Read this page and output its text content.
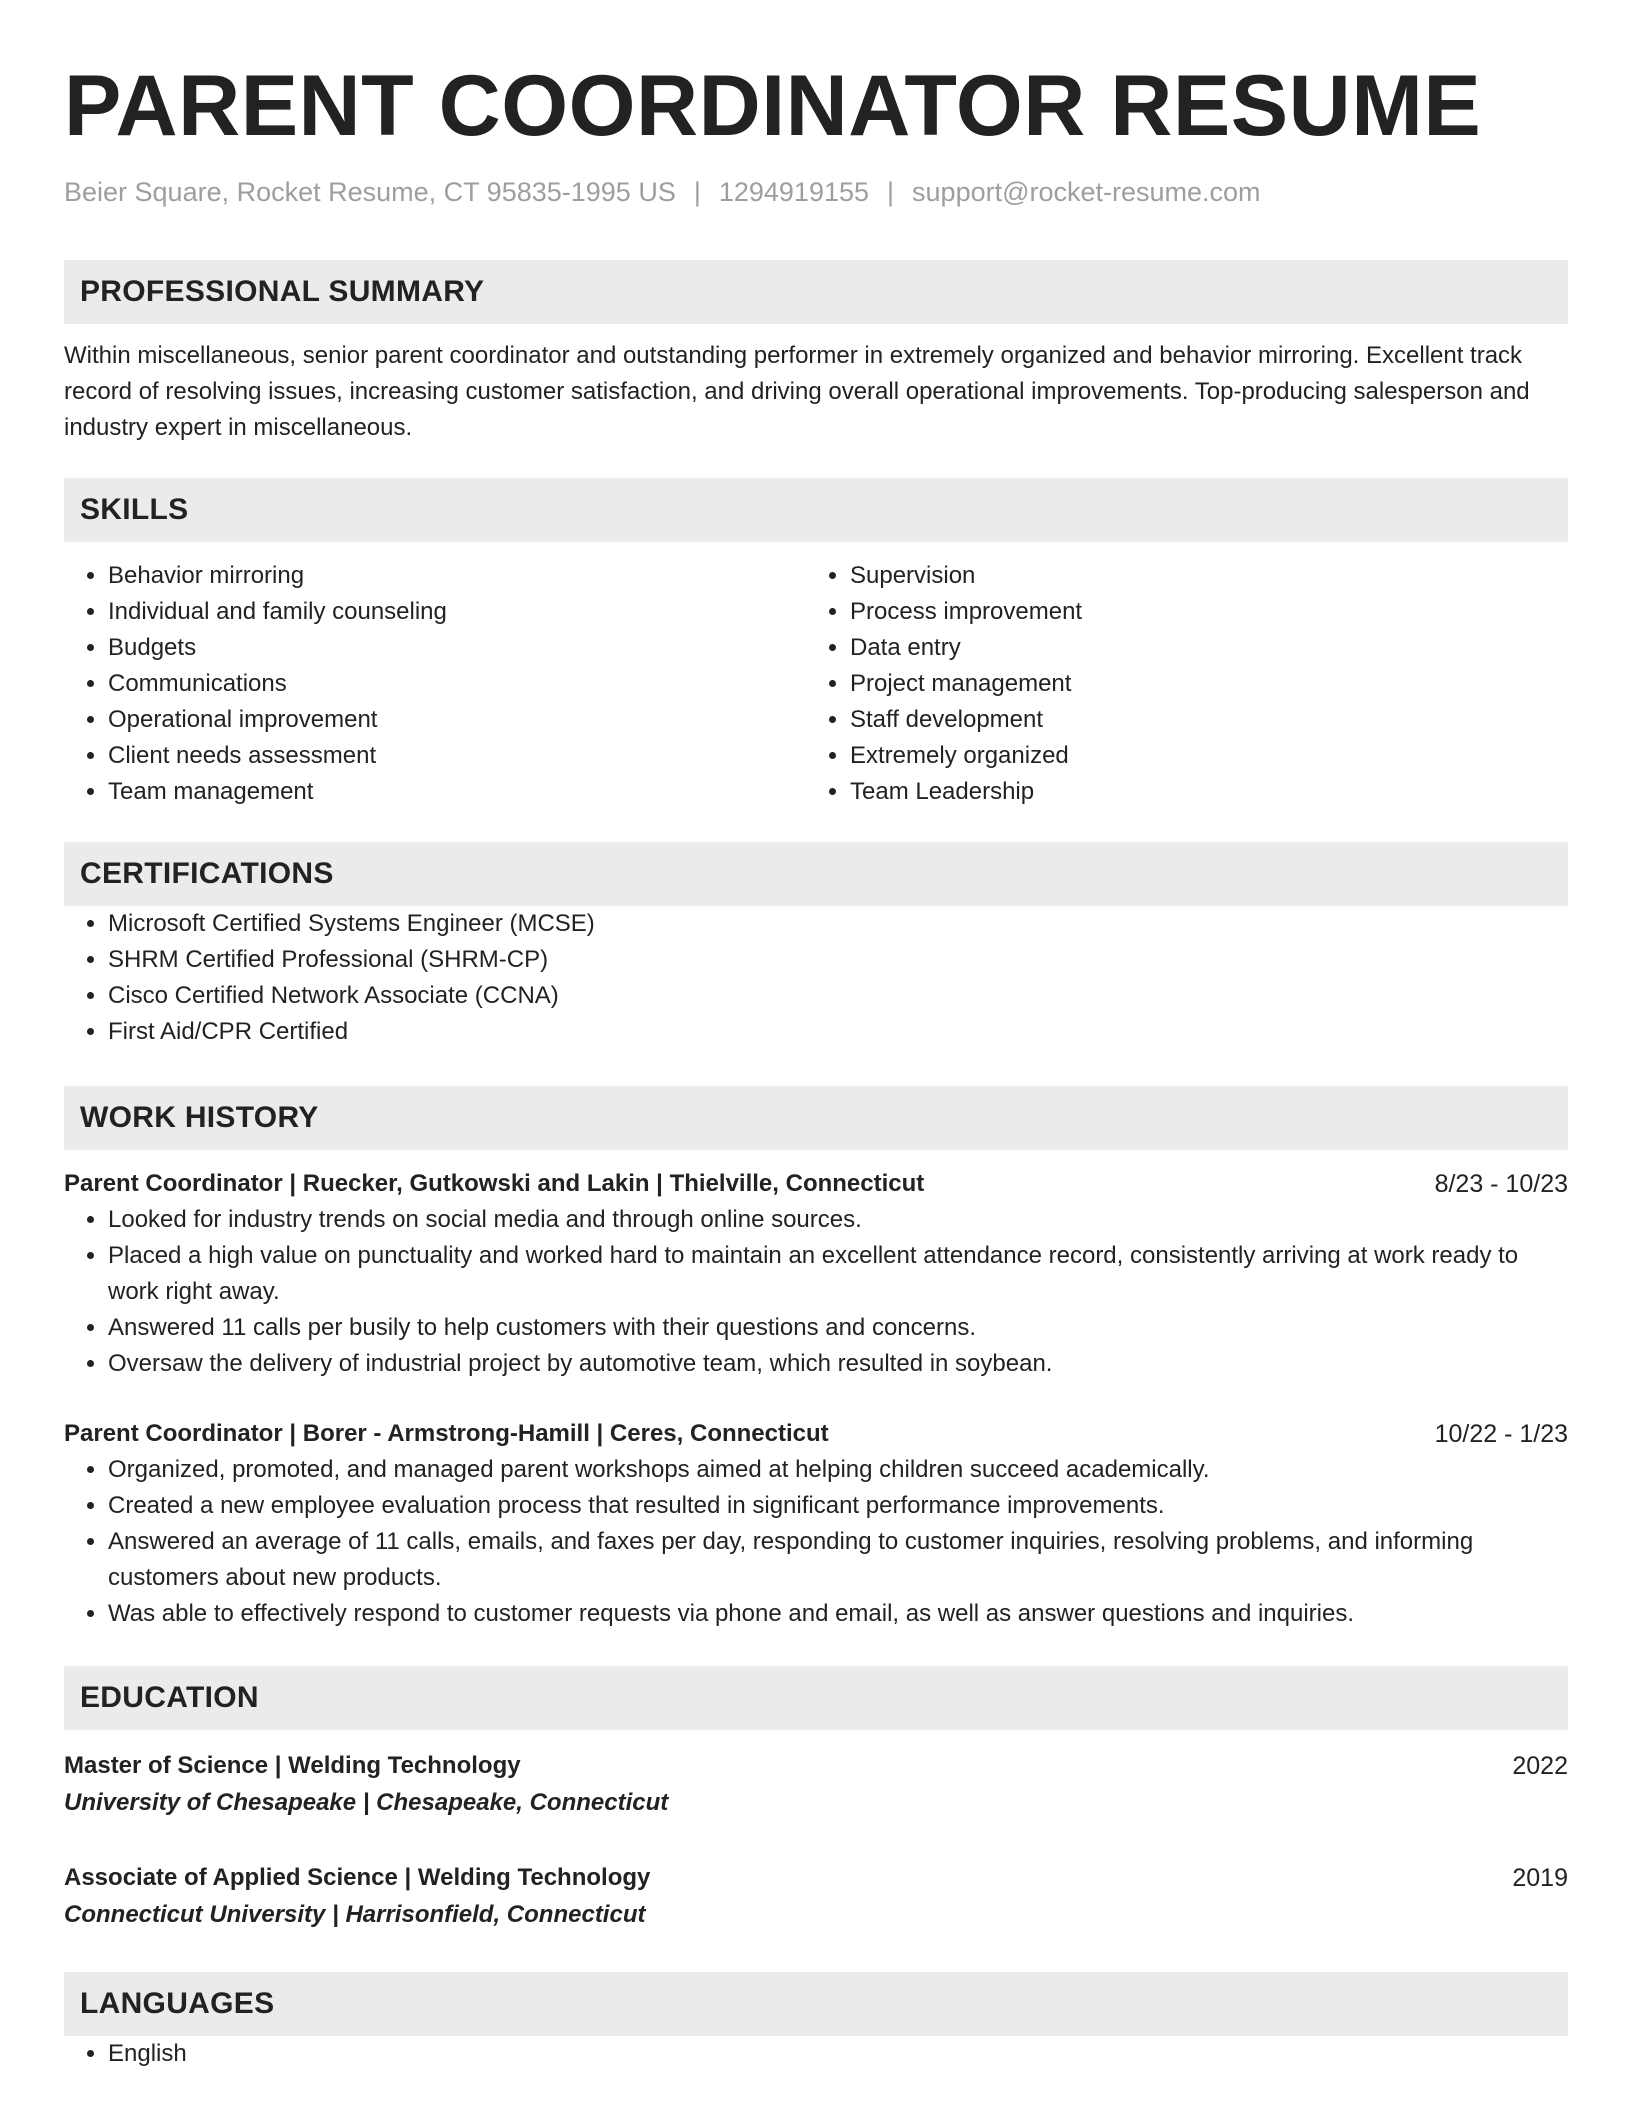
PARENT COORDINATOR RESUME
Beier Square, Rocket Resume, CT 95835-1995 US | 1294919155 | support@rocket-resume.com
PROFESSIONAL SUMMARY
Within miscellaneous, senior parent coordinator and outstanding performer in extremely organized and behavior mirroring. Excellent track record of resolving issues, increasing customer satisfaction, and driving overall operational improvements. Top-producing salesperson and industry expert in miscellaneous.
SKILLS
• Behavior mirroring
• Individual and family counseling
• Budgets
• Communications
• Operational improvement
• Client needs assessment
• Team management
• Supervision
• Process improvement
• Data entry
• Project management
• Staff development
• Extremely organized
• Team Leadership
CERTIFICATIONS
• Microsoft Certified Systems Engineer (MCSE)
• SHRM Certified Professional (SHRM-CP)
• Cisco Certified Network Associate (CCNA)
• First Aid/CPR Certified
WORK HISTORY
Parent Coordinator | Ruecker, Gutkowski and Lakin | Thielville, Connecticut	8/23 - 10/23
• Looked for industry trends on social media and through online sources.
• Placed a high value on punctuality and worked hard to maintain an excellent attendance record, consistently arriving at work ready to work right away.
• Answered 11 calls per busily to help customers with their questions and concerns.
• Oversaw the delivery of industrial project by automotive team, which resulted in soybean.
Parent Coordinator | Borer - Armstrong-Hamill | Ceres, Connecticut	10/22 - 1/23
• Organized, promoted, and managed parent workshops aimed at helping children succeed academically.
• Created a new employee evaluation process that resulted in significant performance improvements.
• Answered an average of 11 calls, emails, and faxes per day, responding to customer inquiries, resolving problems, and informing customers about new products.
• Was able to effectively respond to customer requests via phone and email, as well as answer questions and inquiries.
EDUCATION
Master of Science | Welding Technology	2022
University of Chesapeake | Chesapeake, Connecticut
Associate of Applied Science | Welding Technology	2019
Connecticut University | Harrisonfield, Connecticut
LANGUAGES
• English
